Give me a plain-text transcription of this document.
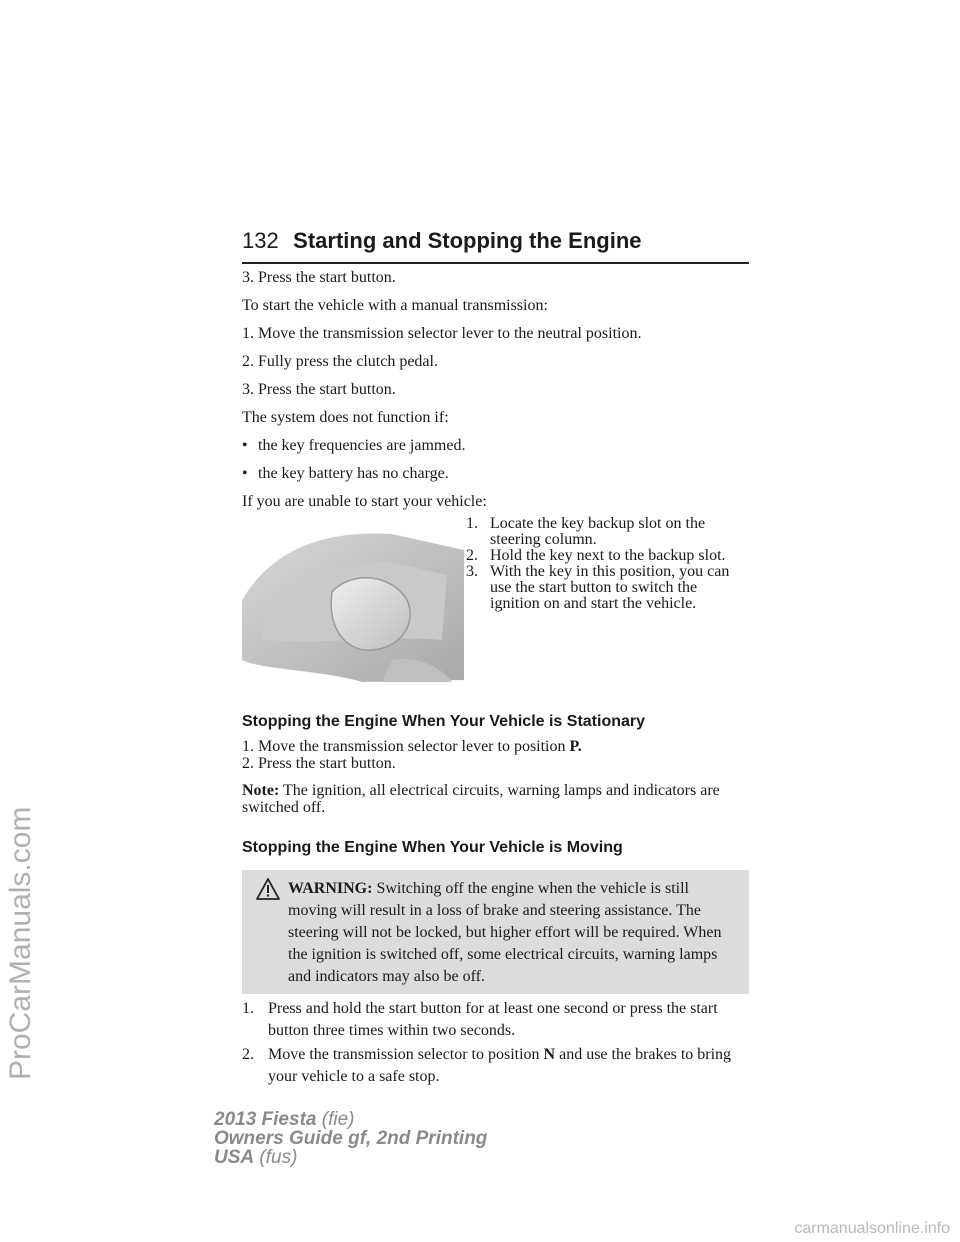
ProCarManuals.com
carmanualsonline.info
132 Starting and Stopping the Engine

3. Press the start button.

To start the vehicle with a manual transmission:

1. Move the transmission selector lever to the neutral position.

2. Fully press the clutch pedal.

3. Press the start button.

The system does not function if:

• the key frequencies are jammed.
• the key battery has no charge.

If you are unable to start your vehicle:

1. Locate the key backup slot on the steering column.
2. Hold the key next to the backup slot.
3. With the key in this position, you can use the start button to switch the ignition on and start the vehicle.
Stopping the Engine When Your Vehicle is Stationary

1. Move the transmission selector lever to position P.

2. Press the start button.

Note: The ignition, all electrical circuits, warning lamps and indicators are switched off.

Stopping the Engine When Your Vehicle is Moving
WARNING: Switching off the engine when the vehicle is still moving will result in a loss of brake and steering assistance. The steering will not be locked, but higher effort will be required. When the ignition is switched off, some electrical circuits, warning lamps and indicators may also be off.
1. Press and hold the start button for at least one second or press the start button three times within two seconds.
2. Move the transmission selector to position N and use the brakes to bring your vehicle to a safe stop.
2013 Fiesta (fie)
Owners Guide gf, 2nd Printing
USA (fus)
